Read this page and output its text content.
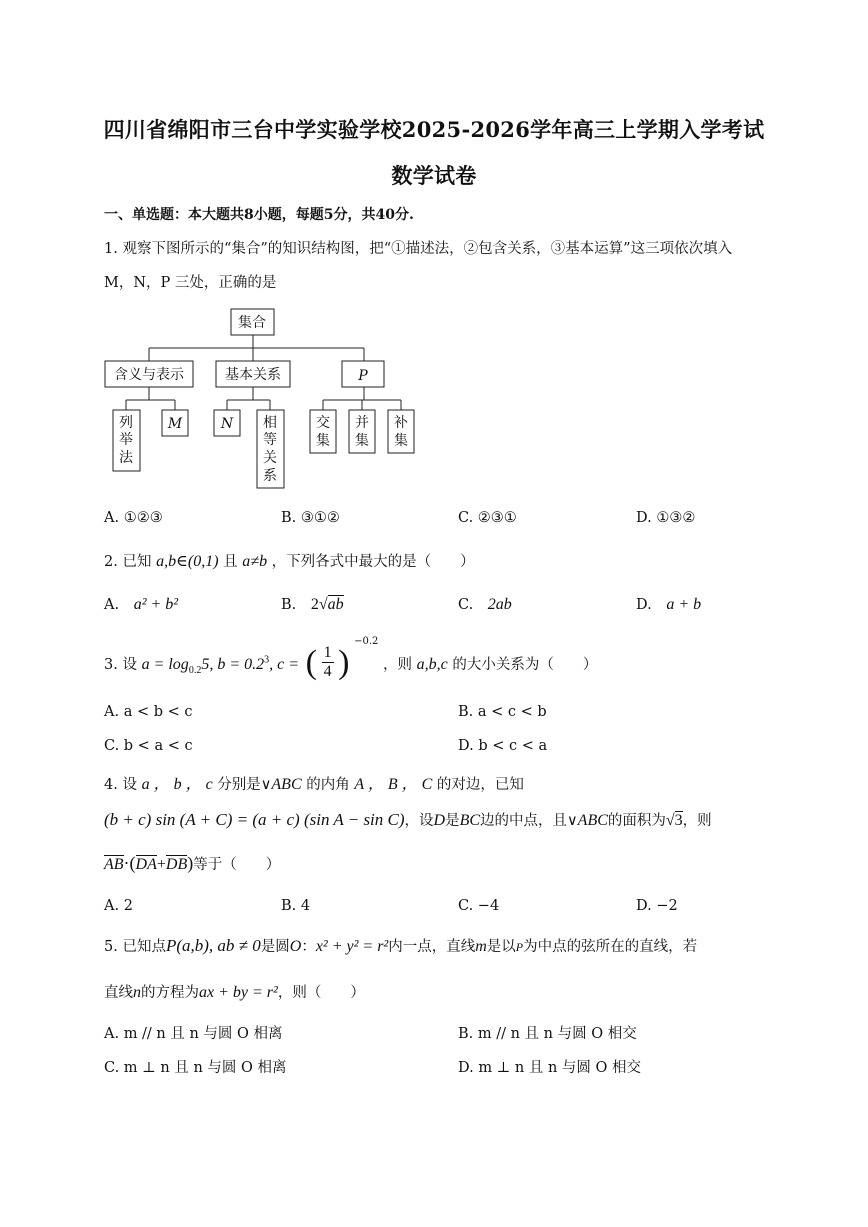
四川省绵阳市三台中学实验学校2025-2026学年高三上学期入学考试
数学试卷
一、单选题：本大题共8小题，每题5分，共40分.
1. 观察下图所示的“集合”的知识结构图，把“①描述法，②包含关系，③基本运算”这三项依次填入
M，N，P 三处，正确的是
集合
含义与表示	基本关系	P
列
举
法
M	N 相
等
关
系
交
集
并
集
补
集
A. ①②③	B. ③①②	C. ②③①	D. ①③②
2. 已知 a,b∈(0,1) 且 a≠b ，下列各式中最大的是（　　）
A. a² + b²	B. 2√ab	C. 2ab	D. a + b
3. 设 $a = \log_{0.2}5$, $b = 0.2^3$, c = ( $\frac{1}{4}$ ) $^{-0.2}$ ，则 a,b,c 的大小关系为（　　）
A. a < b < c	B. a < c < b
C. b < a < c	D. b < c < a
4. 设 a ， b ， c 分别是∨ABC 的内角 A ， B ， C 的对边，已知
(b + c) sin (A + C) = (a + c) (sin A − sin C)，设D是BC边的中点，且∨ABC的面积为√3，则
AB·(DA+DB)等于（　　）
A. 2	B. 4	C. −4	D. −2
5. 已知点P(a,b), ab ≠ 0是圆O：x² + y² = r²内一点，直线m是以P为中点的弦所在的直线，若
直线n的方程为ax + by = r²，则（　　）
A. m // n 且 n 与圆 O 相离	B. m // n 且 n 与圆 O 相交
C. m ⊥ n 且 n 与圆 O 相离	D. m ⊥ n 且 n 与圆 O 相交
